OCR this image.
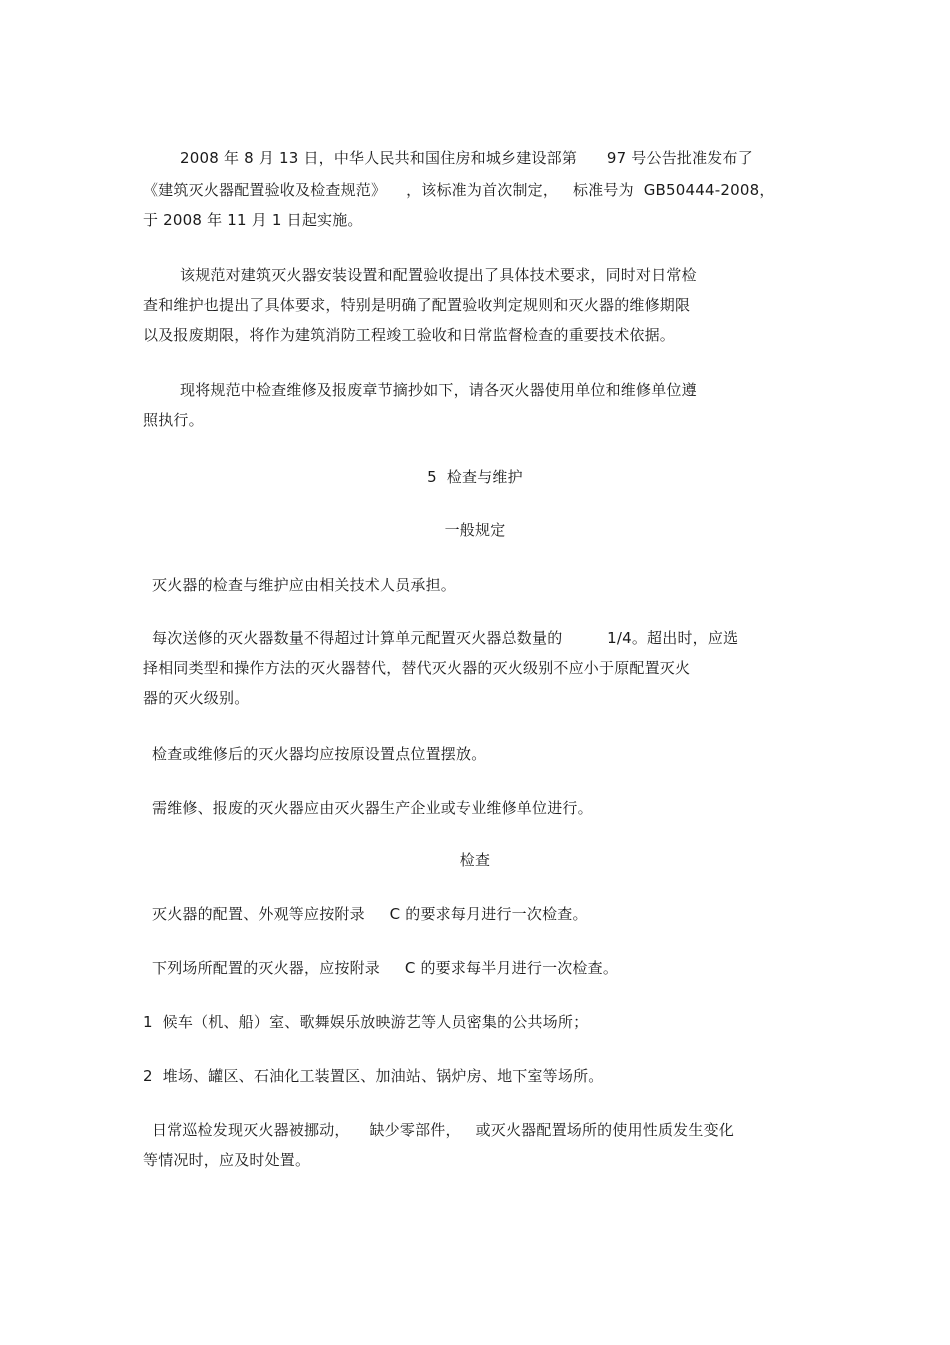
2008 年 8 月 13 日，中华人民共和国住房和城乡建设部第      97 号公告批准发布了
《建筑灭火器配置验收及检查规范》    ，该标准为首次制定，   标准号为  GB50444-2008，
于 2008 年 11 月 1 日起实施。
该规范对建筑灭火器安装设置和配置验收提出了具体技术要求，同时对日常检
查和维护也提出了具体要求，特别是明确了配置验收判定规则和灭火器的维修期限
以及报废期限，将作为建筑消防工程竣工验收和日常监督检查的重要技术依据。
现将规范中检查维修及报废章节摘抄如下，请各灭火器使用单位和维修单位遵
照执行。
5  检查与维护
一般规定
灭火器的检查与维护应由相关技术人员承担。
每次送修的灭火器数量不得超过计算单元配置灭火器总数量的         1/4。超出时，应选
择相同类型和操作方法的灭火器替代，替代灭火器的灭火级别不应小于原配置灭火
器的灭火级别。
检查或维修后的灭火器均应按原设置点位置摆放。
需维修、报废的灭火器应由灭火器生产企业或专业维修单位进行。
检查
灭火器的配置、外观等应按附录     C 的要求每月进行一次检查。
下列场所配置的灭火器，应按附录     C 的要求每半月进行一次检查。
1  候车（机、船）室、歌舞娱乐放映游艺等人员密集的公共场所；
2  堆场、罐区、石油化工装置区、加油站、锅炉房、地下室等场所。
日常巡检发现灭火器被挪动，    缺少零部件，   或灭火器配置场所的使用性质发生变化
等情况时，应及时处置。
